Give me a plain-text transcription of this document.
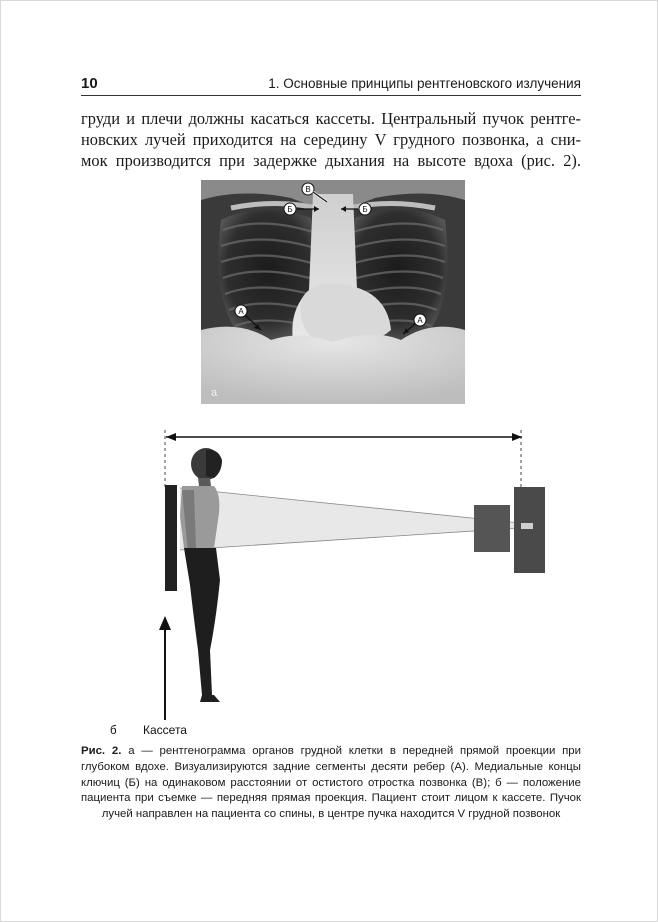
10	1. Основные принципы рентгеновского излучения
груди и плечи должны касаться кассеты. Центральный пучок рентге-
новских лучей приходится на середину V грудного позвонка, а сни-
мок производится при задержке дыхания на высоте вдоха (рис. 2).
В
Б	Б
А
А
а
б Кассета
Рис. 2. а — рентгенограмма органов грудной клетки в передней прямой проекции при
глубоком вдохе. Визуализируются задние сегменты десяти ребер (А). Медиальные концы
ключиц (Б) на одинаковом расстоянии от остистого отростка позвонка (В); б — положение
пациента при съемке — передняя прямая проекция. Пациент стоит лицом к кассете. Пучок
лучей направлен на пациента со спины, в центре пучка находится V грудной позвонок
